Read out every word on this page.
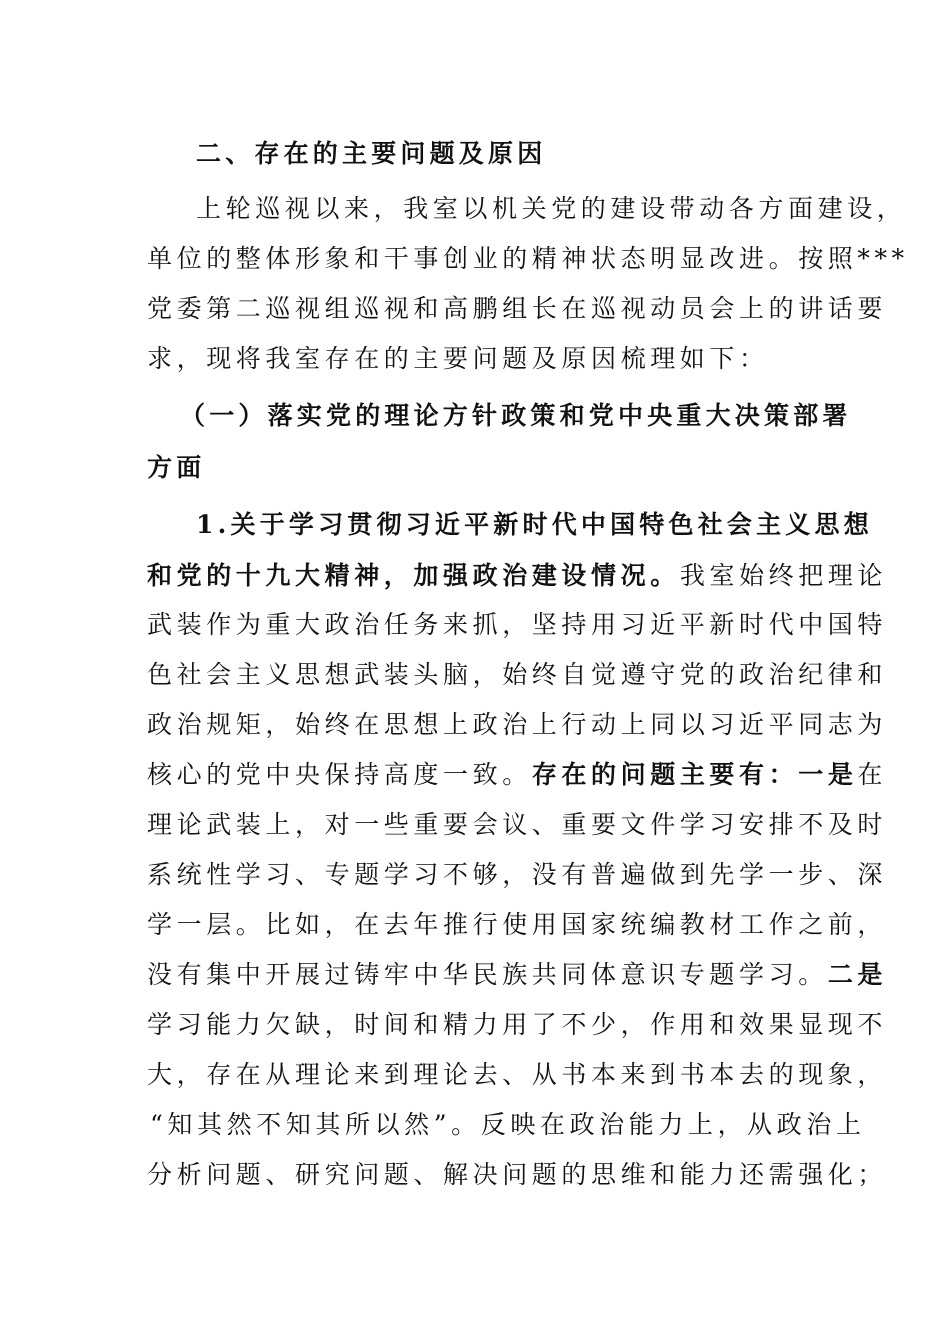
二、存在的主要问题及原因
上轮巡视以来，我室以机关党的建设带动各方面建设，
单位的整体形象和干事创业的精神状态明显改进。按照***
党委第二巡视组巡视和高鹏组长在巡视动员会上的讲话要
求，现将我室存在的主要问题及原因梳理如下：
（一）落实党的理论方针政策和党中央重大决策部署
方面
1.关于学习贯彻习近平新时代中国特色社会主义思想
和党的十九大精神，加强政治建设情况。我室始终把理论
武装作为重大政治任务来抓，坚持用习近平新时代中国特
色社会主义思想武装头脑，始终自觉遵守党的政治纪律和
政治规矩，始终在思想上政治上行动上同以习近平同志为
核心的党中央保持高度一致。存在的问题主要有：一是在
理论武装上，对一些重要会议、重要文件学习安排不及时
系统性学习、专题学习不够，没有普遍做到先学一步、深
学一层。比如，在去年推行使用国家统编教材工作之前，
没有集中开展过铸牢中华民族共同体意识专题学习。二是
学习能力欠缺，时间和精力用了不少，作用和效果显现不
大，存在从理论来到理论去、从书本来到书本去的现象，
“知其然不知其所以然”。反映在政治能力上，从政治上
分析问题、研究问题、解决问题的思维和能力还需强化；
